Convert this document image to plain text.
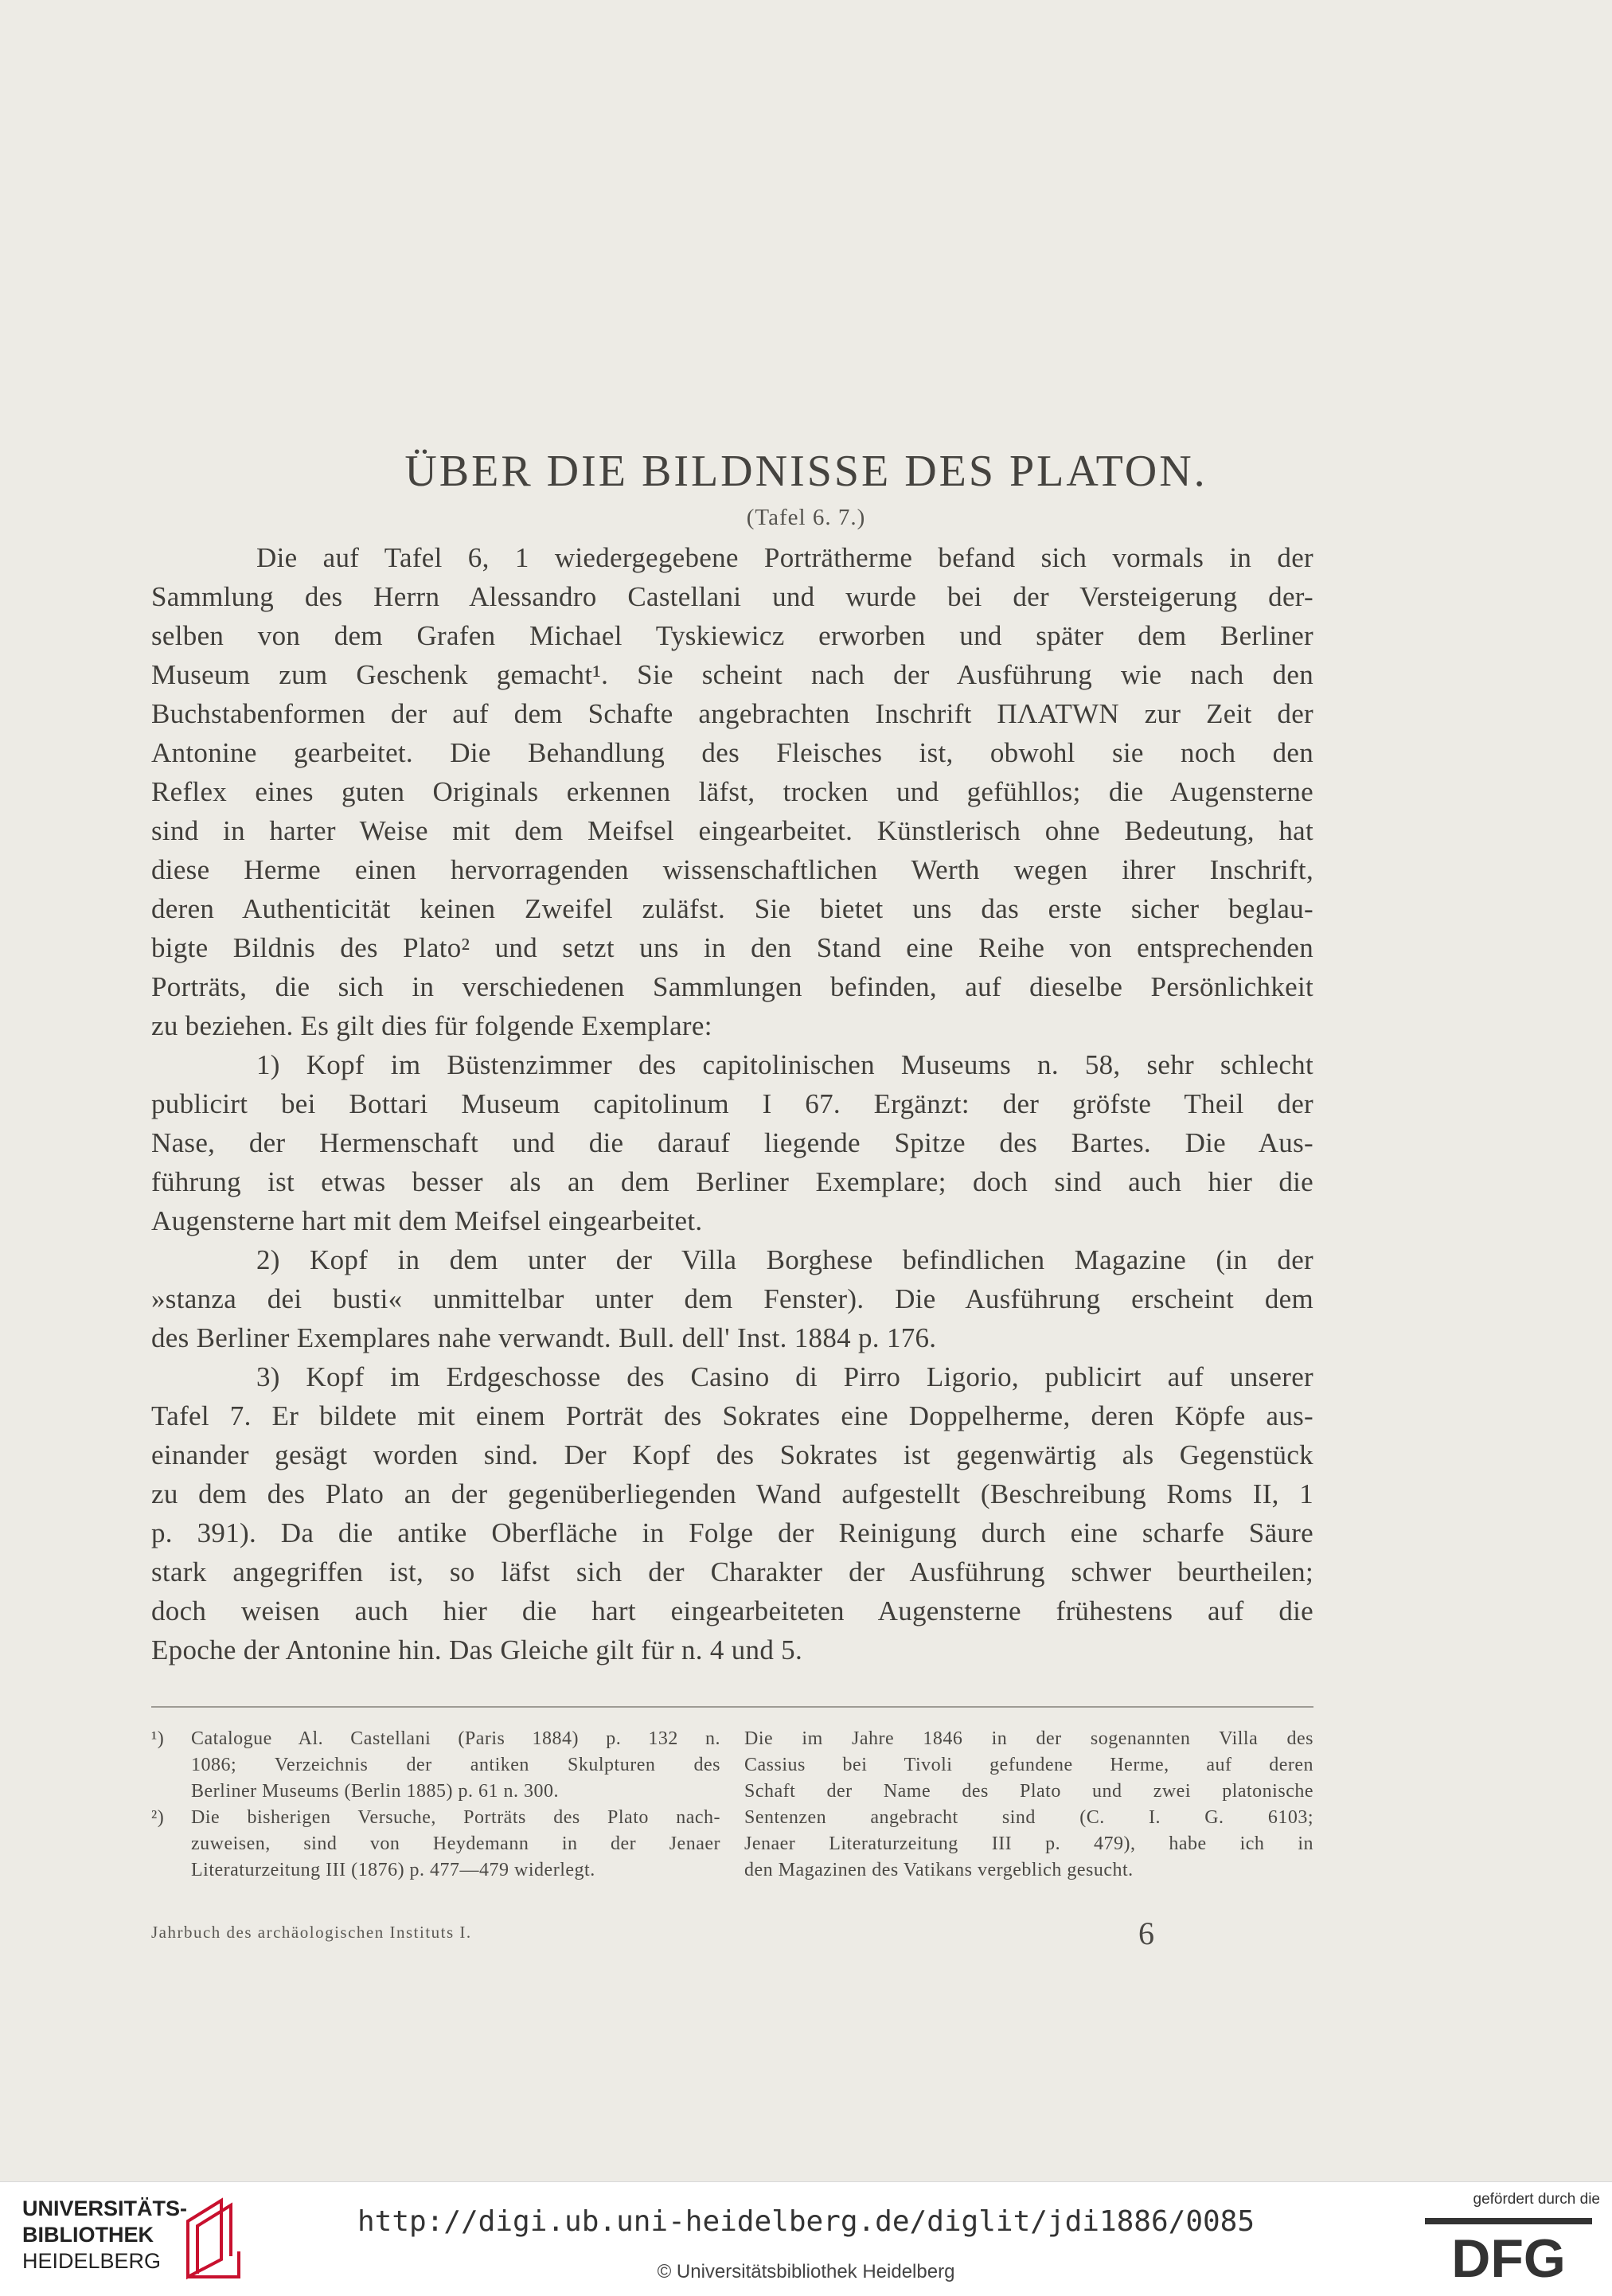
ÜBER DIE BILDNISSE DES PLATON.
(Tafel 6. 7.)
Die auf Tafel 6, 1 wiedergegebene Porträtherme befand sich vormals in der
Sammlung des Herrn Alessandro Castellani und wurde bei der Versteigerung der-
selben von dem Grafen Michael Tyskiewicz erworben und später dem Berliner
Museum zum Geschenk gemacht¹. Sie scheint nach der Ausführung wie nach den
Buchstabenformen der auf dem Schafte angebrachten Inschrift ΠΛΑΤWN zur Zeit der
Antonine gearbeitet. Die Behandlung des Fleisches ist, obwohl sie noch den
Reflex eines guten Originals erkennen läfst, trocken und gefühllos; die Augensterne
sind in harter Weise mit dem Meifsel eingearbeitet. Künstlerisch ohne Bedeutung, hat
diese Herme einen hervorragenden wissenschaftlichen Werth wegen ihrer Inschrift,
deren Authenticität keinen Zweifel zuläfst. Sie bietet uns das erste sicher beglau-
bigte Bildnis des Plato² und setzt uns in den Stand eine Reihe von entsprechenden
Porträts, die sich in verschiedenen Sammlungen befinden, auf dieselbe Persönlichkeit
zu beziehen. Es gilt dies für folgende Exemplare:
1) Kopf im Büstenzimmer des capitolinischen Museums n. 58, sehr schlecht
publicirt bei Bottari Museum capitolinum I 67. Ergänzt: der gröfste Theil der
Nase, der Hermenschaft und die darauf liegende Spitze des Bartes. Die Aus-
führung ist etwas besser als an dem Berliner Exemplare; doch sind auch hier die
Augensterne hart mit dem Meifsel eingearbeitet.
2) Kopf in dem unter der Villa Borghese befindlichen Magazine (in der
»stanza dei busti« unmittelbar unter dem Fenster). Die Ausführung erscheint dem
des Berliner Exemplares nahe verwandt. Bull. dell' Inst. 1884 p. 176.
3) Kopf im Erdgeschosse des Casino di Pirro Ligorio, publicirt auf unserer
Tafel 7. Er bildete mit einem Porträt des Sokrates eine Doppelherme, deren Köpfe aus-
einander gesägt worden sind. Der Kopf des Sokrates ist gegenwärtig als Gegenstück
zu dem des Plato an der gegenüberliegenden Wand aufgestellt (Beschreibung Roms II, 1
p. 391). Da die antike Oberfläche in Folge der Reinigung durch eine scharfe Säure
stark angegriffen ist, so läfst sich der Charakter der Ausführung schwer beurtheilen;
doch weisen auch hier die hart eingearbeiteten Augensterne frühestens auf die
Epoche der Antonine hin. Das Gleiche gilt für n. 4 und 5.
¹) Catalogue Al. Castellani (Paris 1884) p. 132 n.
1086; Verzeichnis der antiken Skulpturen des
Berliner Museums (Berlin 1885) p. 61 n. 300.
²) Die bisherigen Versuche, Porträts des Plato nach-
zuweisen, sind von Heydemann in der Jenaer
Literaturzeitung III (1876) p. 477—479 widerlegt.
Die im Jahre 1846 in der sogenannten Villa des
Cassius bei Tivoli gefundene Herme, auf deren
Schaft der Name des Plato und zwei platonische
Sentenzen angebracht sind (C. I. G. 6103;
Jenaer Literaturzeitung III p. 479), habe ich in
den Magazinen des Vatikans vergeblich gesucht.
Jahrbuch des archäologischen Instituts I.	6
UNIVERSITÄTS-
BIBLIOTHEK
HEIDELBERG
http://digi.ub.uni-heidelberg.de/diglit/jdi1886/0085
© Universitätsbibliothek Heidelberg
gefördert durch die
DFG
